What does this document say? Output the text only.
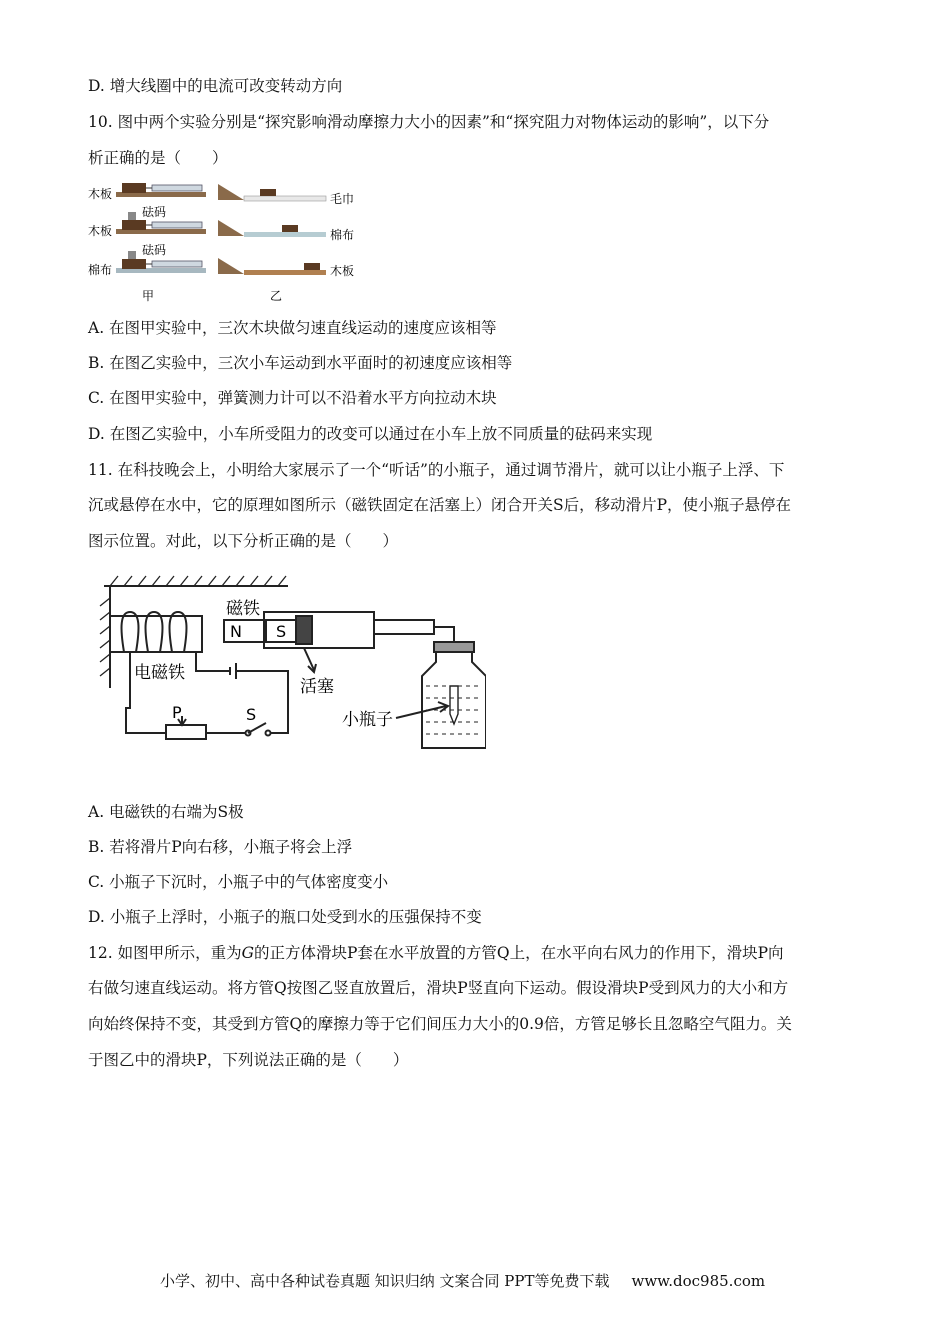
D. 增大线圈中的电流可改变转动方向
10. 图中两个实验分别是“探究影响滑动摩擦力大小的因素”和“探究阻力对物体运动的影响”，以下分
析正确的是（　　）
木板
木板
砝码
棉布
砝码
甲
毛巾
棉布
木板
乙
A. 在图甲实验中，三次木块做匀速直线运动的速度应该相等
B. 在图乙实验中，三次小车运动到水平面时的初速度应该相等
C. 在图甲实验中，弹簧测力计可以不沿着水平方向拉动木块
D. 在图乙实验中，小车所受阻力的改变可以通过在小车上放不同质量的砝码来实现
11. 在科技晚会上，小明给大家展示了一个“听话”的小瓶子，通过调节滑片，就可以让小瓶子上浮、下
沉或悬停在水中，它的原理如图所示（磁铁固定在活塞上）闭合开关S后，移动滑片P，使小瓶子悬停在
图示位置。对此，以下分析正确的是（　　）
磁铁
N S
电磁铁
活塞
P	S	小瓶子
A. 电磁铁的右端为S极
B. 若将滑片P向右移，小瓶子将会上浮
C. 小瓶子下沉时，小瓶子中的气体密度变小
D. 小瓶子上浮时，小瓶子的瓶口处受到水的压强保持不变
12. 如图甲所示，重为G的正方体滑块P套在水平放置的方管Q上，在水平向右风力的作用下，滑块P向
右做匀速直线运动。将方管Q按图乙竖直放置后，滑块P竖直向下运动。假设滑块P受到风力的大小和方
向始终保持不变，其受到方管Q的摩擦力等于它们间压力大小的0.9倍，方管足够长且忽略空气阻力。关
于图乙中的滑块P，下列说法正确的是（　　）
小学、初中、高中各种试卷真题 知识归纳 文案合同 PPT等免费下载 www.doc985.com
